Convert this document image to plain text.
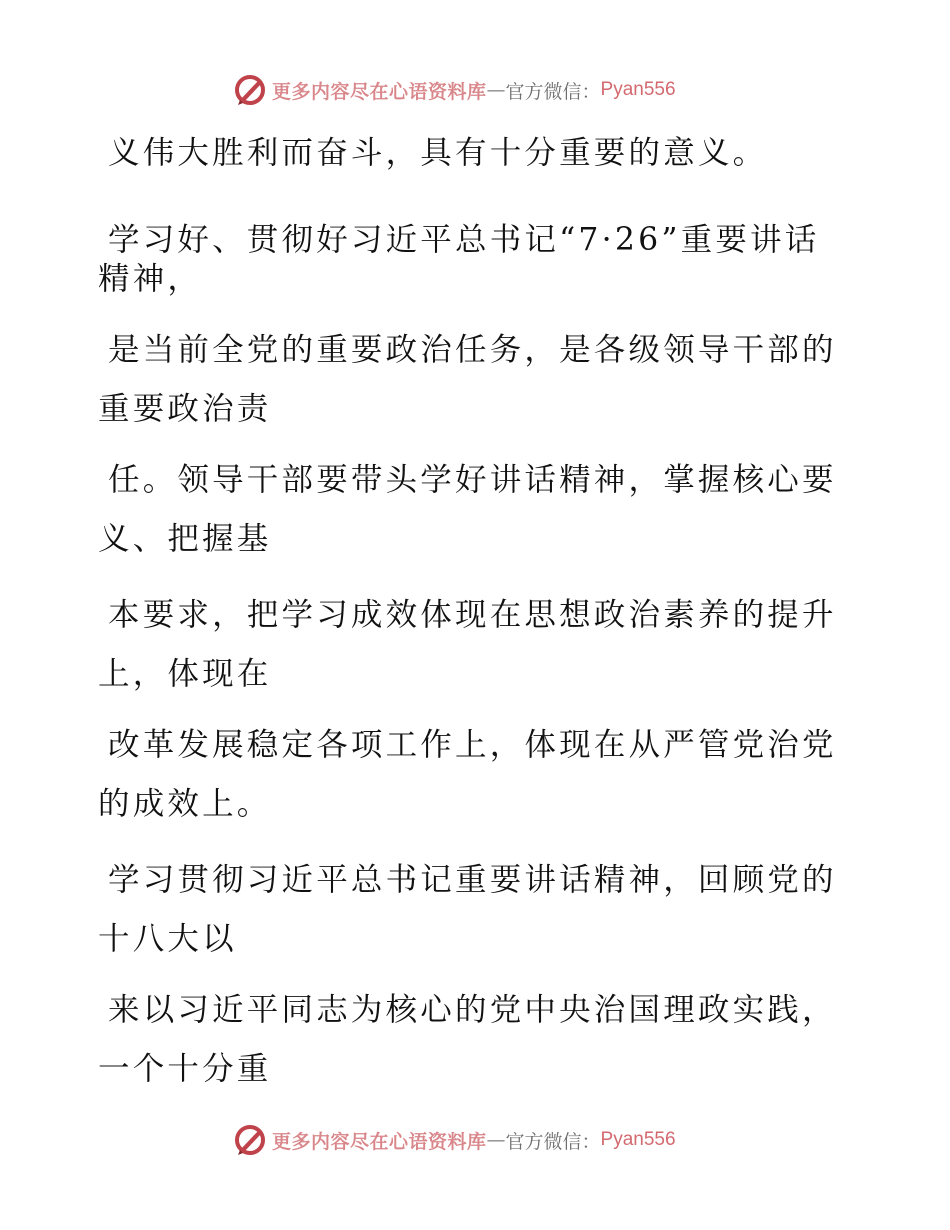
更多内容尽在心语资料库 — 官方微信： Pyan556
义伟大胜利而奋斗，具有十分重要的意义。
学习好、贯彻好习近平总书记“7·26”重要讲话
精神，
是当前全党的重要政治任务，是各级领导干部的
重要政治责
任。领导干部要带头学好讲话精神，掌握核心要
义、把握基
本要求，把学习成效体现在思想政治素养的提升
上，体现在
改革发展稳定各项工作上，体现在从严管党治党
的成效上。
学习贯彻习近平总书记重要讲话精神，回顾党的
十八大以
来以习近平同志为核心的党中央治国理政实践，
一个十分重
更多内容尽在心语资料库 — 官方微信： Pyan556
